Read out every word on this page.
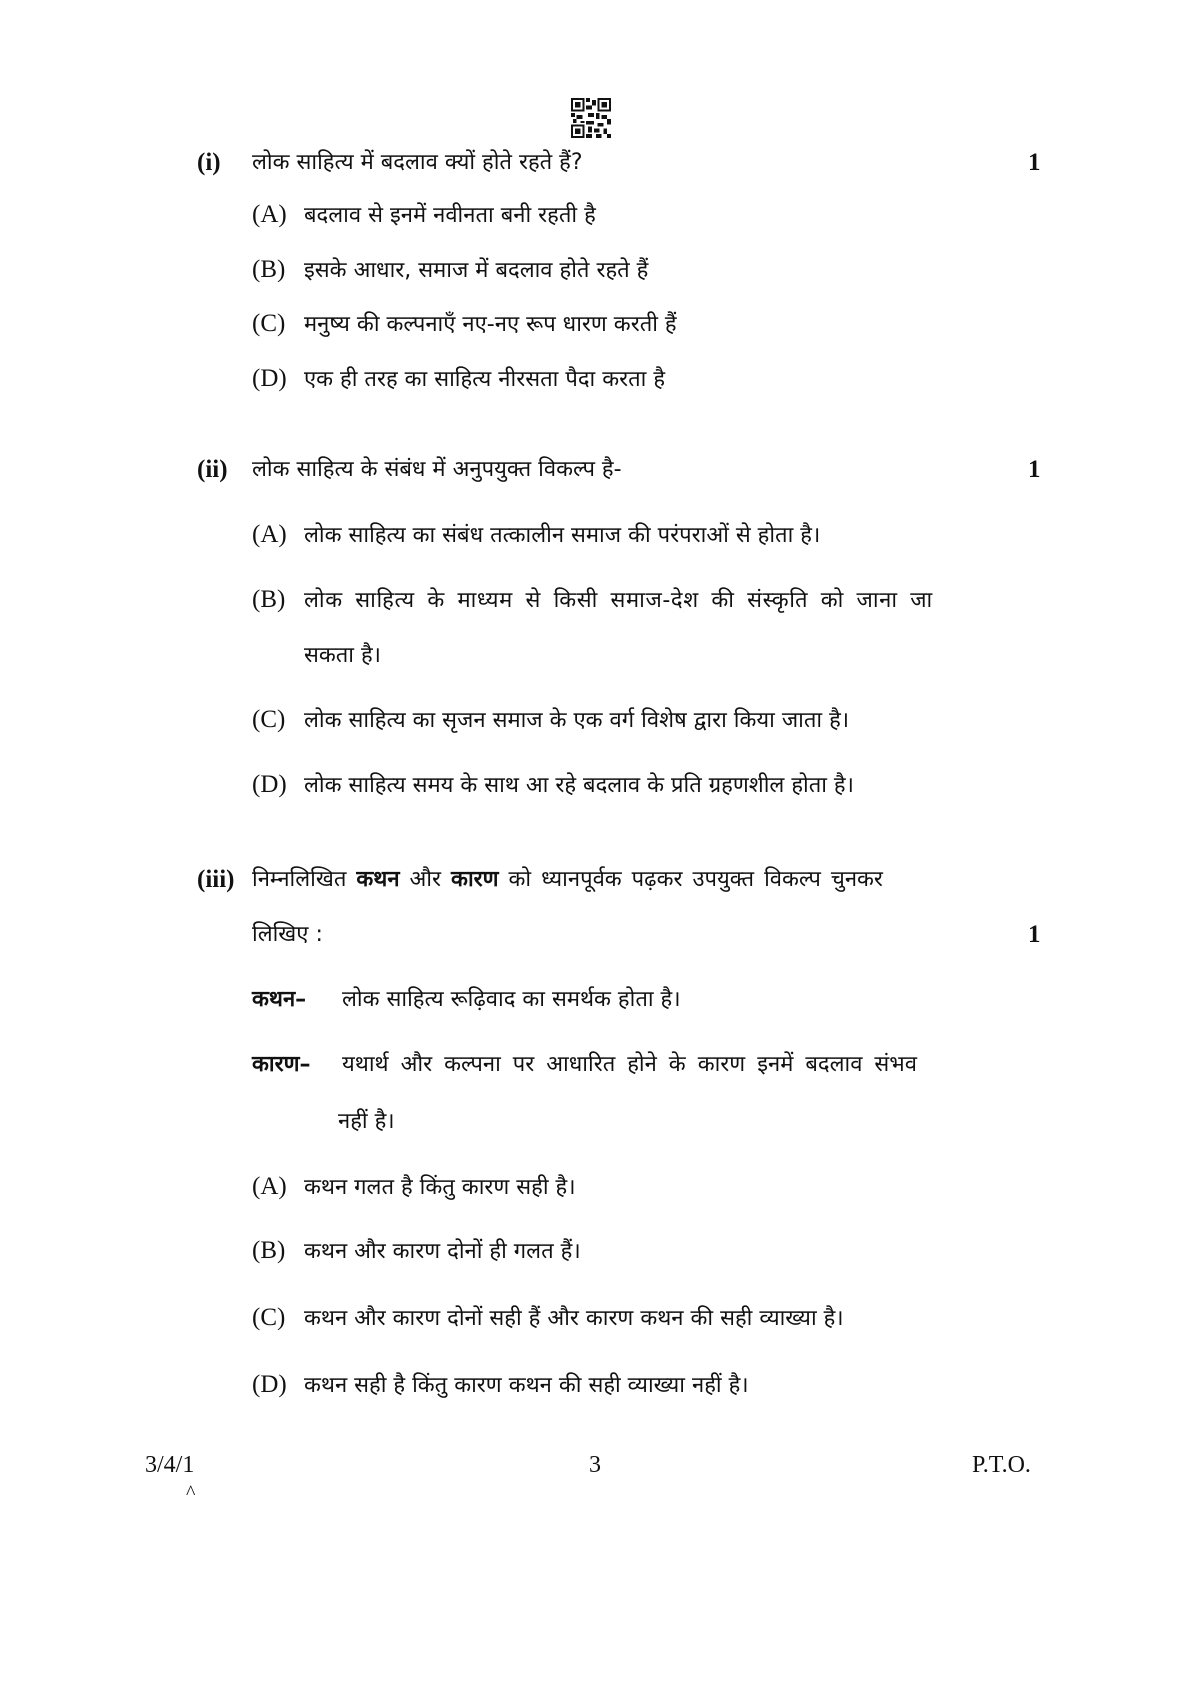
(i) लोक साहित्य में बदलाव क्यों होते रहते हैं?	1
(A) बदलाव से इनमें नवीनता बनी रहती है
(B) इसके आधार, समाज में बदलाव होते रहते हैं
(C) मनुष्य की कल्पनाएँ नए-नए रूप धारण करती हैं
(D) एक ही तरह का साहित्य नीरसता पैदा करता है
(ii) लोक साहित्य के संबंध में अनुपयुक्त विकल्प है-	1
(A) लोक साहित्य का संबंध तत्कालीन समाज की परंपराओं से होता है।
(B) लोक साहित्य के माध्यम से किसी समाज-देश की संस्कृति को जाना जा
सकता है।
(C) लोक साहित्य का सृजन समाज के एक वर्ग विशेष द्वारा किया जाता है।
(D) लोक साहित्य समय के साथ आ रहे बदलाव के प्रति ग्रहणशील होता है।
(iii) निम्नलिखित कथन और कारण को ध्यानपूर्वक पढ़कर उपयुक्त विकल्प चुनकर
लिखिए :	1
कथन– लोक साहित्य रूढ़िवाद का समर्थक होता है।
कारण– यथार्थ और कल्पना पर आधारित होने के कारण इनमें बदलाव संभव
नहीं है।
(A) कथन गलत है किंतु कारण सही है।
(B) कथन और कारण दोनों ही गलत हैं।
(C) कथन और कारण दोनों सही हैं और कारण कथन की सही व्याख्या है।
(D) कथन सही है किंतु कारण कथन की सही व्याख्या नहीं है।
3/4/1
^
3	P.T.O.
